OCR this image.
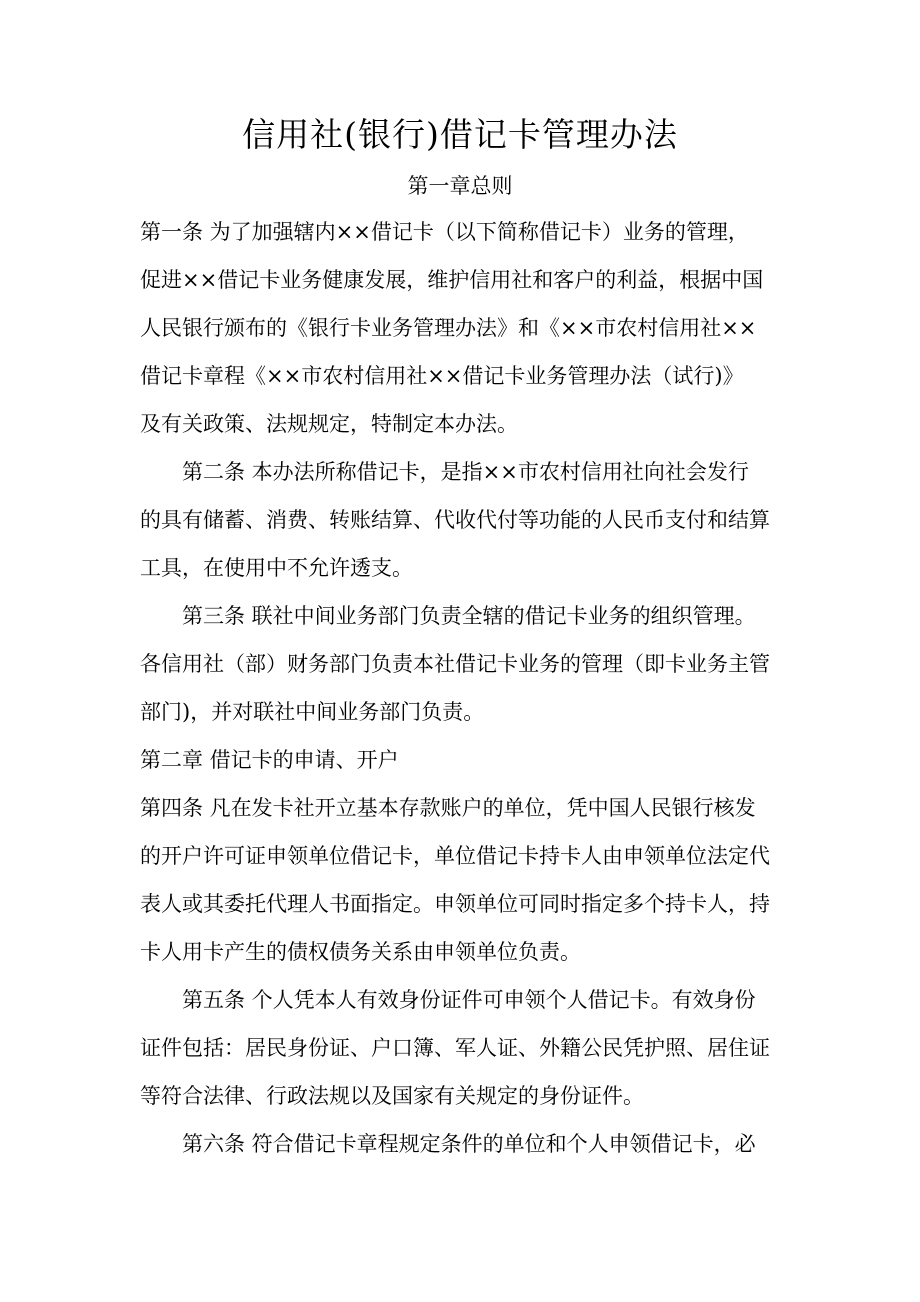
信用社(银行)借记卡管理办法
第一章总则
第一条 为了加强辖内××借记卡（以下简称借记卡）业务的管理，
促进××借记卡业务健康发展，维护信用社和客户的利益，根据中国
人民银行颁布的《银行卡业务管理办法》和《××市农村信用社××
借记卡章程《××市农村信用社××借记卡业务管理办法（试行)》
及有关政策、法规规定，特制定本办法。
第二条 本办法所称借记卡，是指××市农村信用社向社会发行
的具有储蓄、消费、转账结算、代收代付等功能的人民币支付和结算
工具，在使用中不允许透支。
第三条 联社中间业务部门负责全辖的借记卡业务的组织管理。
各信用社（部）财务部门负责本社借记卡业务的管理（即卡业务主管
部门)，并对联社中间业务部门负责。
第二章 借记卡的申请、开户
第四条 凡在发卡社开立基本存款账户的单位，凭中国人民银行核发
的开户许可证申领单位借记卡，单位借记卡持卡人由申领单位法定代
表人或其委托代理人书面指定。申领单位可同时指定多个持卡人，持
卡人用卡产生的债权债务关系由申领单位负责。
第五条 个人凭本人有效身份证件可申领个人借记卡。有效身份
证件包括：居民身份证、户口簿、军人证、外籍公民凭护照、居住证
等符合法律、行政法规以及国家有关规定的身份证件。
第六条 符合借记卡章程规定条件的单位和个人申领借记卡，必
